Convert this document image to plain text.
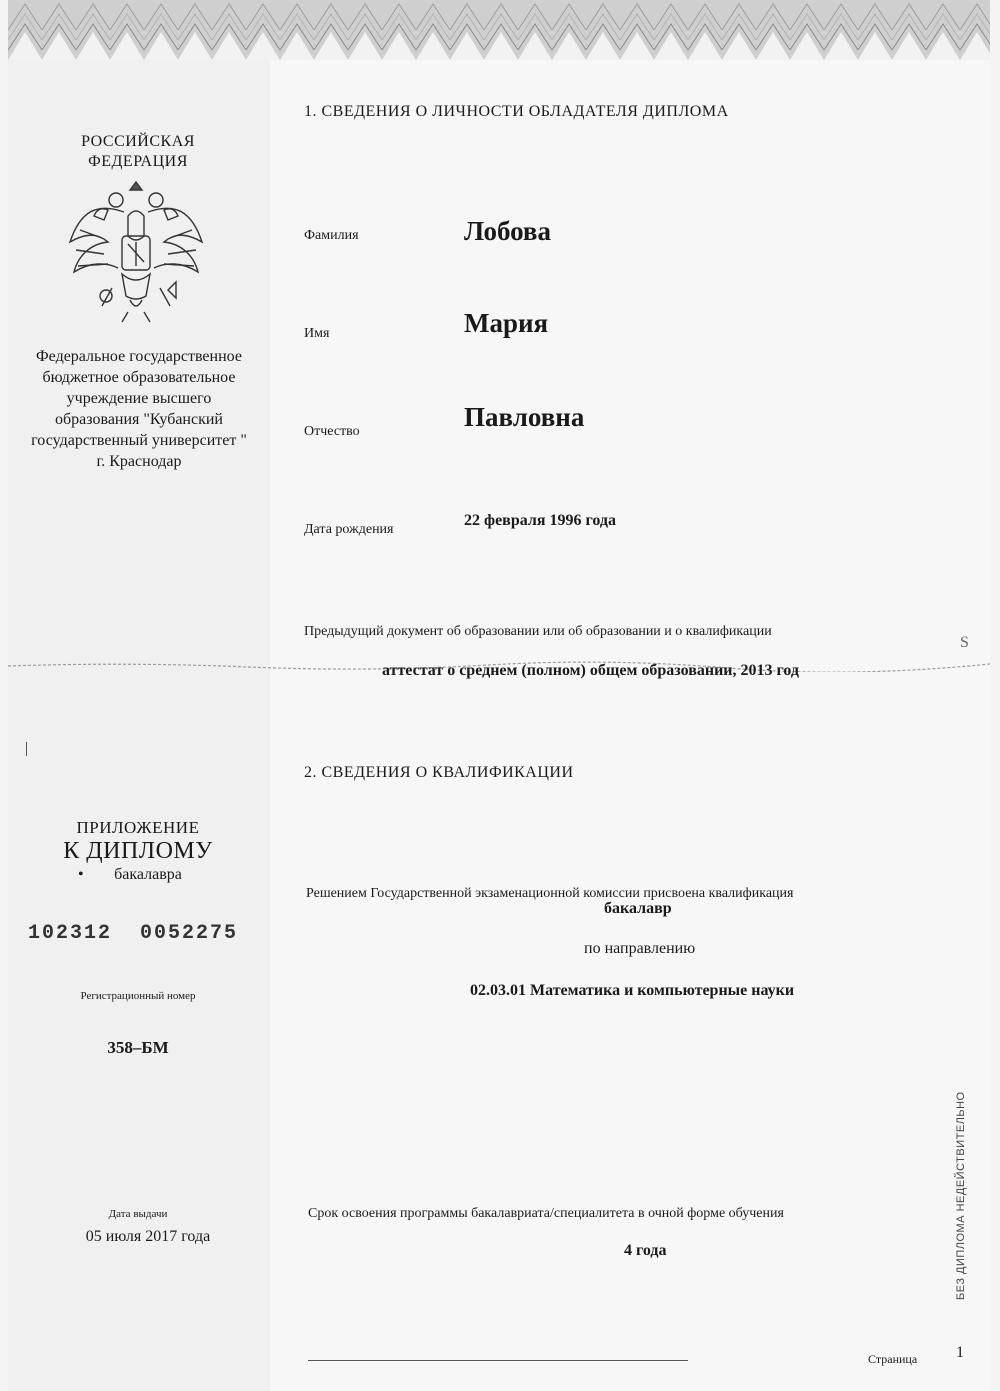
РОССИЙСКАЯ ФЕДЕРАЦИЯ
Федеральное государственное бюджетное образовательное учреждение высшего образования "Кубанский государственный университет " г. Краснодар
ПРИЛОЖЕНИЕ
К ДИПЛОМУ
бакалавра
•
102312  0052275
Регистрационный номер
358–БМ
Дата выдачи
05 июля 2017 года
1. СВЕДЕНИЯ О ЛИЧНОСТИ ОБЛАДАТЕЛЯ ДИПЛОМА
Фамилия	Лобова
Имя	Мария
Отчество	Павловна
Дата рождения
22 февраля 1996 года
Предыдущий документ об образовании или об образовании и о квалификации
аттестат о среднем (полном) общем образовании, 2013 год
S
2. СВЕДЕНИЯ О КВАЛИФИКАЦИИ
Решением Государственной экзаменационной комиссии присвоена квалификация
бакалавр
по направлению
02.03.01 Математика и компьютерные науки
Срок освоения программы бакалавриата/специалитета в очной форме обучения
4 года	БЕЗ ДИПЛОМА НЕДЕЙСТВИТЕЛЬНО
Страница 1
